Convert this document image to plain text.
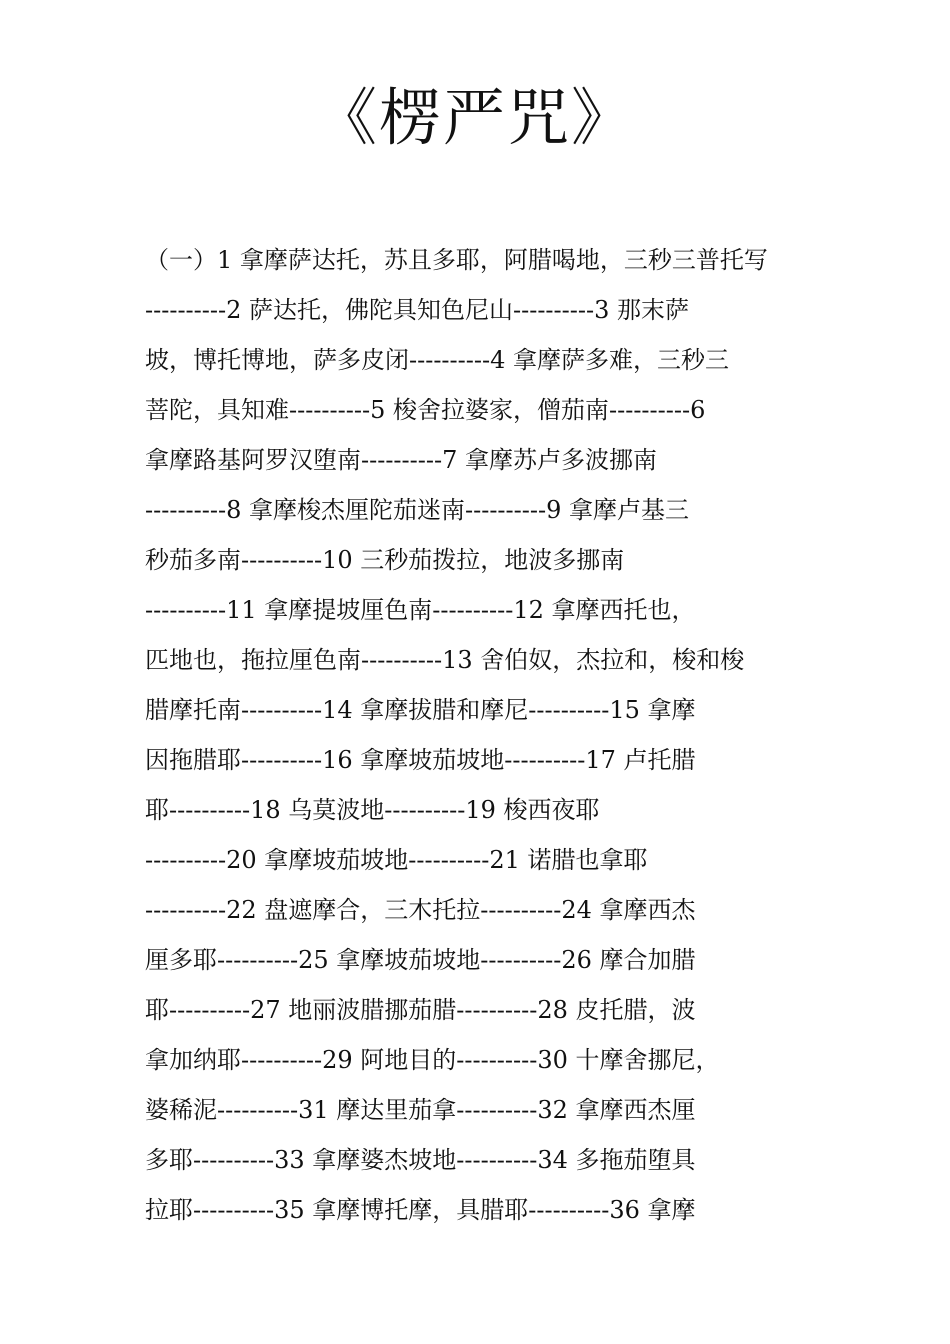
《楞严咒》
（一）1 拿摩萨达托，苏且多耶，阿腊喝地，三秒三普托写
----------2 萨达托，佛陀具知色尼山----------3 那末萨
坡，博托博地，萨多皮闭----------4 拿摩萨多难，三秒三
菩陀，具知难----------5 梭舍拉婆家，僧茄南----------6
拿摩路基阿罗汉堕南----------7 拿摩苏卢多波挪南
----------8 拿摩梭杰厘陀茄迷南----------9 拿摩卢基三
秒茄多南----------10 三秒茄拨拉，地波多挪南
----------11 拿摩提坡厘色南----------12 拿摩西托也，
匹地也，拖拉厘色南----------13 舍伯奴，杰拉和，梭和梭
腊摩托南----------14 拿摩拔腊和摩尼----------15 拿摩
因拖腊耶----------16 拿摩坡茄坡地----------17 卢托腊
耶----------18 乌莫波地----------19 梭西夜耶
----------20 拿摩坡茄坡地----------21 诺腊也拿耶
----------22 盘遮摩合，三木托拉----------24 拿摩西杰
厘多耶----------25 拿摩坡茄坡地----------26 摩合加腊
耶----------27 地丽波腊挪茄腊----------28 皮托腊，波
拿加纳耶----------29 阿地目的----------30 十摩舍挪尼，
婆稀泥----------31 摩达里茄拿----------32 拿摩西杰厘
多耶----------33 拿摩婆杰坡地----------34 多拖茄堕具
拉耶----------35 拿摩博托摩，具腊耶----------36 拿摩
